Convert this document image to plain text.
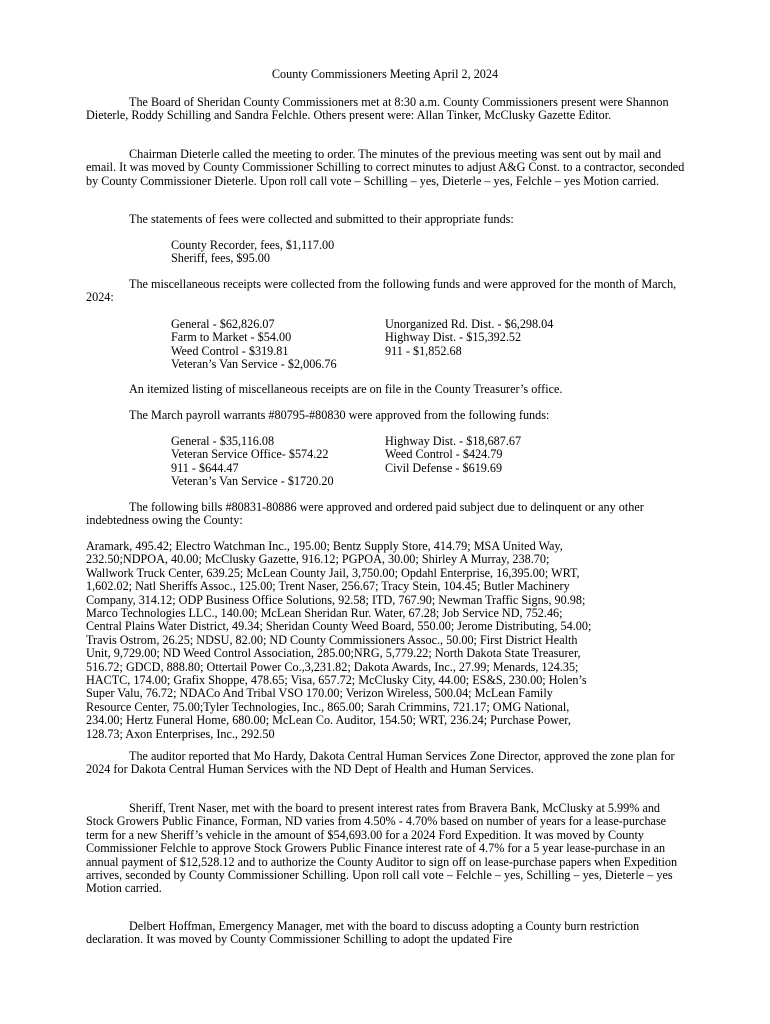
County Commissioners Meeting April 2, 2024

The Board of Sheridan County Commissioners met at 8:30 a.m. County Commissioners present were Shannon Dieterle, Roddy Schilling and Sandra Felchle. Others present were: Allan Tinker, McClusky Gazette Editor.

Chairman Dieterle called the meeting to order. The minutes of the previous meeting was sent out by mail and email. It was moved by County Commissioner Schilling to correct minutes to adjust A&G Const. to a contractor, seconded by County Commissioner Dieterle. Upon roll call vote – Schilling – yes, Dieterle – yes, Felchle – yes Motion carried.

The statements of fees were collected and submitted to their appropriate funds:

County Recorder, fees, $1,117.00
Sheriff, fees, $95.00

The miscellaneous receipts were collected from the following funds and were approved for the month of March, 2024:

General - $62,826.07
Farm to Market - $54.00
Weed Control - $319.81
Veteran’s Van Service - $2,006.76
Unorganized Rd. Dist. - $6,298.04
Highway Dist. - $15,392.52
911 - $1,852.68

An itemized listing of miscellaneous receipts are on file in the County Treasurer’s office.

The March payroll warrants #80795-#80830 were approved from the following funds:

General - $35,116.08
Veteran Service Office- $574.22
911 - $644.47
Veteran’s Van Service - $1720.20
Highway Dist. - $18,687.67
Weed Control - $424.79
Civil Defense - $619.69

The following bills #80831-80886 were approved and ordered paid subject due to delinquent or any other indebtedness owing the County:

Aramark, 495.42; Electro Watchman Inc., 195.00; Bentz Supply Store, 414.79; MSA United Way,
232.50;NDPOA, 40.00; McClusky Gazette, 916.12; PGPOA, 30.00; Shirley A Murray, 238.70;
Wallwork Truck Center, 639.25; McLean County Jail, 3,750.00; Opdahl Enterprise, 16,395.00; WRT,
1,602.02; Natl Sheriffs Assoc., 125.00; Trent Naser, 256.67; Tracy Stein, 104.45; Butler Machinery
Company, 314.12; ODP Business Office Solutions, 92.58; ITD, 767.90; Newman Traffic Signs, 90.98;
Marco Technologies LLC., 140.00; McLean Sheridan Rur. Water, 67.28; Job Service ND, 752.46;
Central Plains Water District, 49.34; Sheridan County Weed Board, 550.00; Jerome Distributing, 54.00;
Travis Ostrom, 26.25; NDSU, 82.00; ND County Commissioners Assoc., 50.00; First District Health
Unit, 9,729.00; ND Weed Control Association, 285.00;NRG, 5,779.22; North Dakota State Treasurer,
516.72; GDCD, 888.80; Ottertail Power Co.,3,231.82; Dakota Awards, Inc., 27.99; Menards, 124.35;
HACTC, 174.00; Grafix Shoppe, 478.65; Visa, 657.72; McClusky City, 44.00; ES&S, 230.00; Holen’s
Super Valu, 76.72; NDACo And Tribal VSO 170.00; Verizon Wireless, 500.04; McLean Family
Resource Center, 75.00;Tyler Technologies, Inc., 865.00; Sarah Crimmins, 721.17; OMG National,
234.00; Hertz Funeral Home, 680.00; McLean Co. Auditor, 154.50; WRT, 236.24; Purchase Power,
128.73; Axon Enterprises, Inc., 292.50

The auditor reported that Mo Hardy, Dakota Central Human Services Zone Director, approved the zone plan for 2024 for Dakota Central Human Services with the ND Dept of Health and Human Services.

Sheriff, Trent Naser, met with the board to present interest rates from Bravera Bank, McClusky at 5.99% and Stock Growers Public Finance, Forman, ND varies from 4.50% - 4.70% based on number of years for a lease-purchase term for a new Sheriff’s vehicle in the amount of $54,693.00 for a 2024 Ford Expedition. It was moved by County Commissioner Felchle to approve Stock Growers Public Finance interest rate of 4.7% for a 5 year lease-purchase in an annual payment of $12,528.12 and to authorize the County Auditor to sign off on lease-purchase papers when Expedition arrives, seconded by County Commissioner Schilling. Upon roll call vote – Felchle – yes, Schilling – yes, Dieterle – yes Motion carried.

Delbert Hoffman, Emergency Manager, met with the board to discuss adopting a County burn restriction declaration. It was moved by County Commissioner Schilling to adopt the updated Fire
